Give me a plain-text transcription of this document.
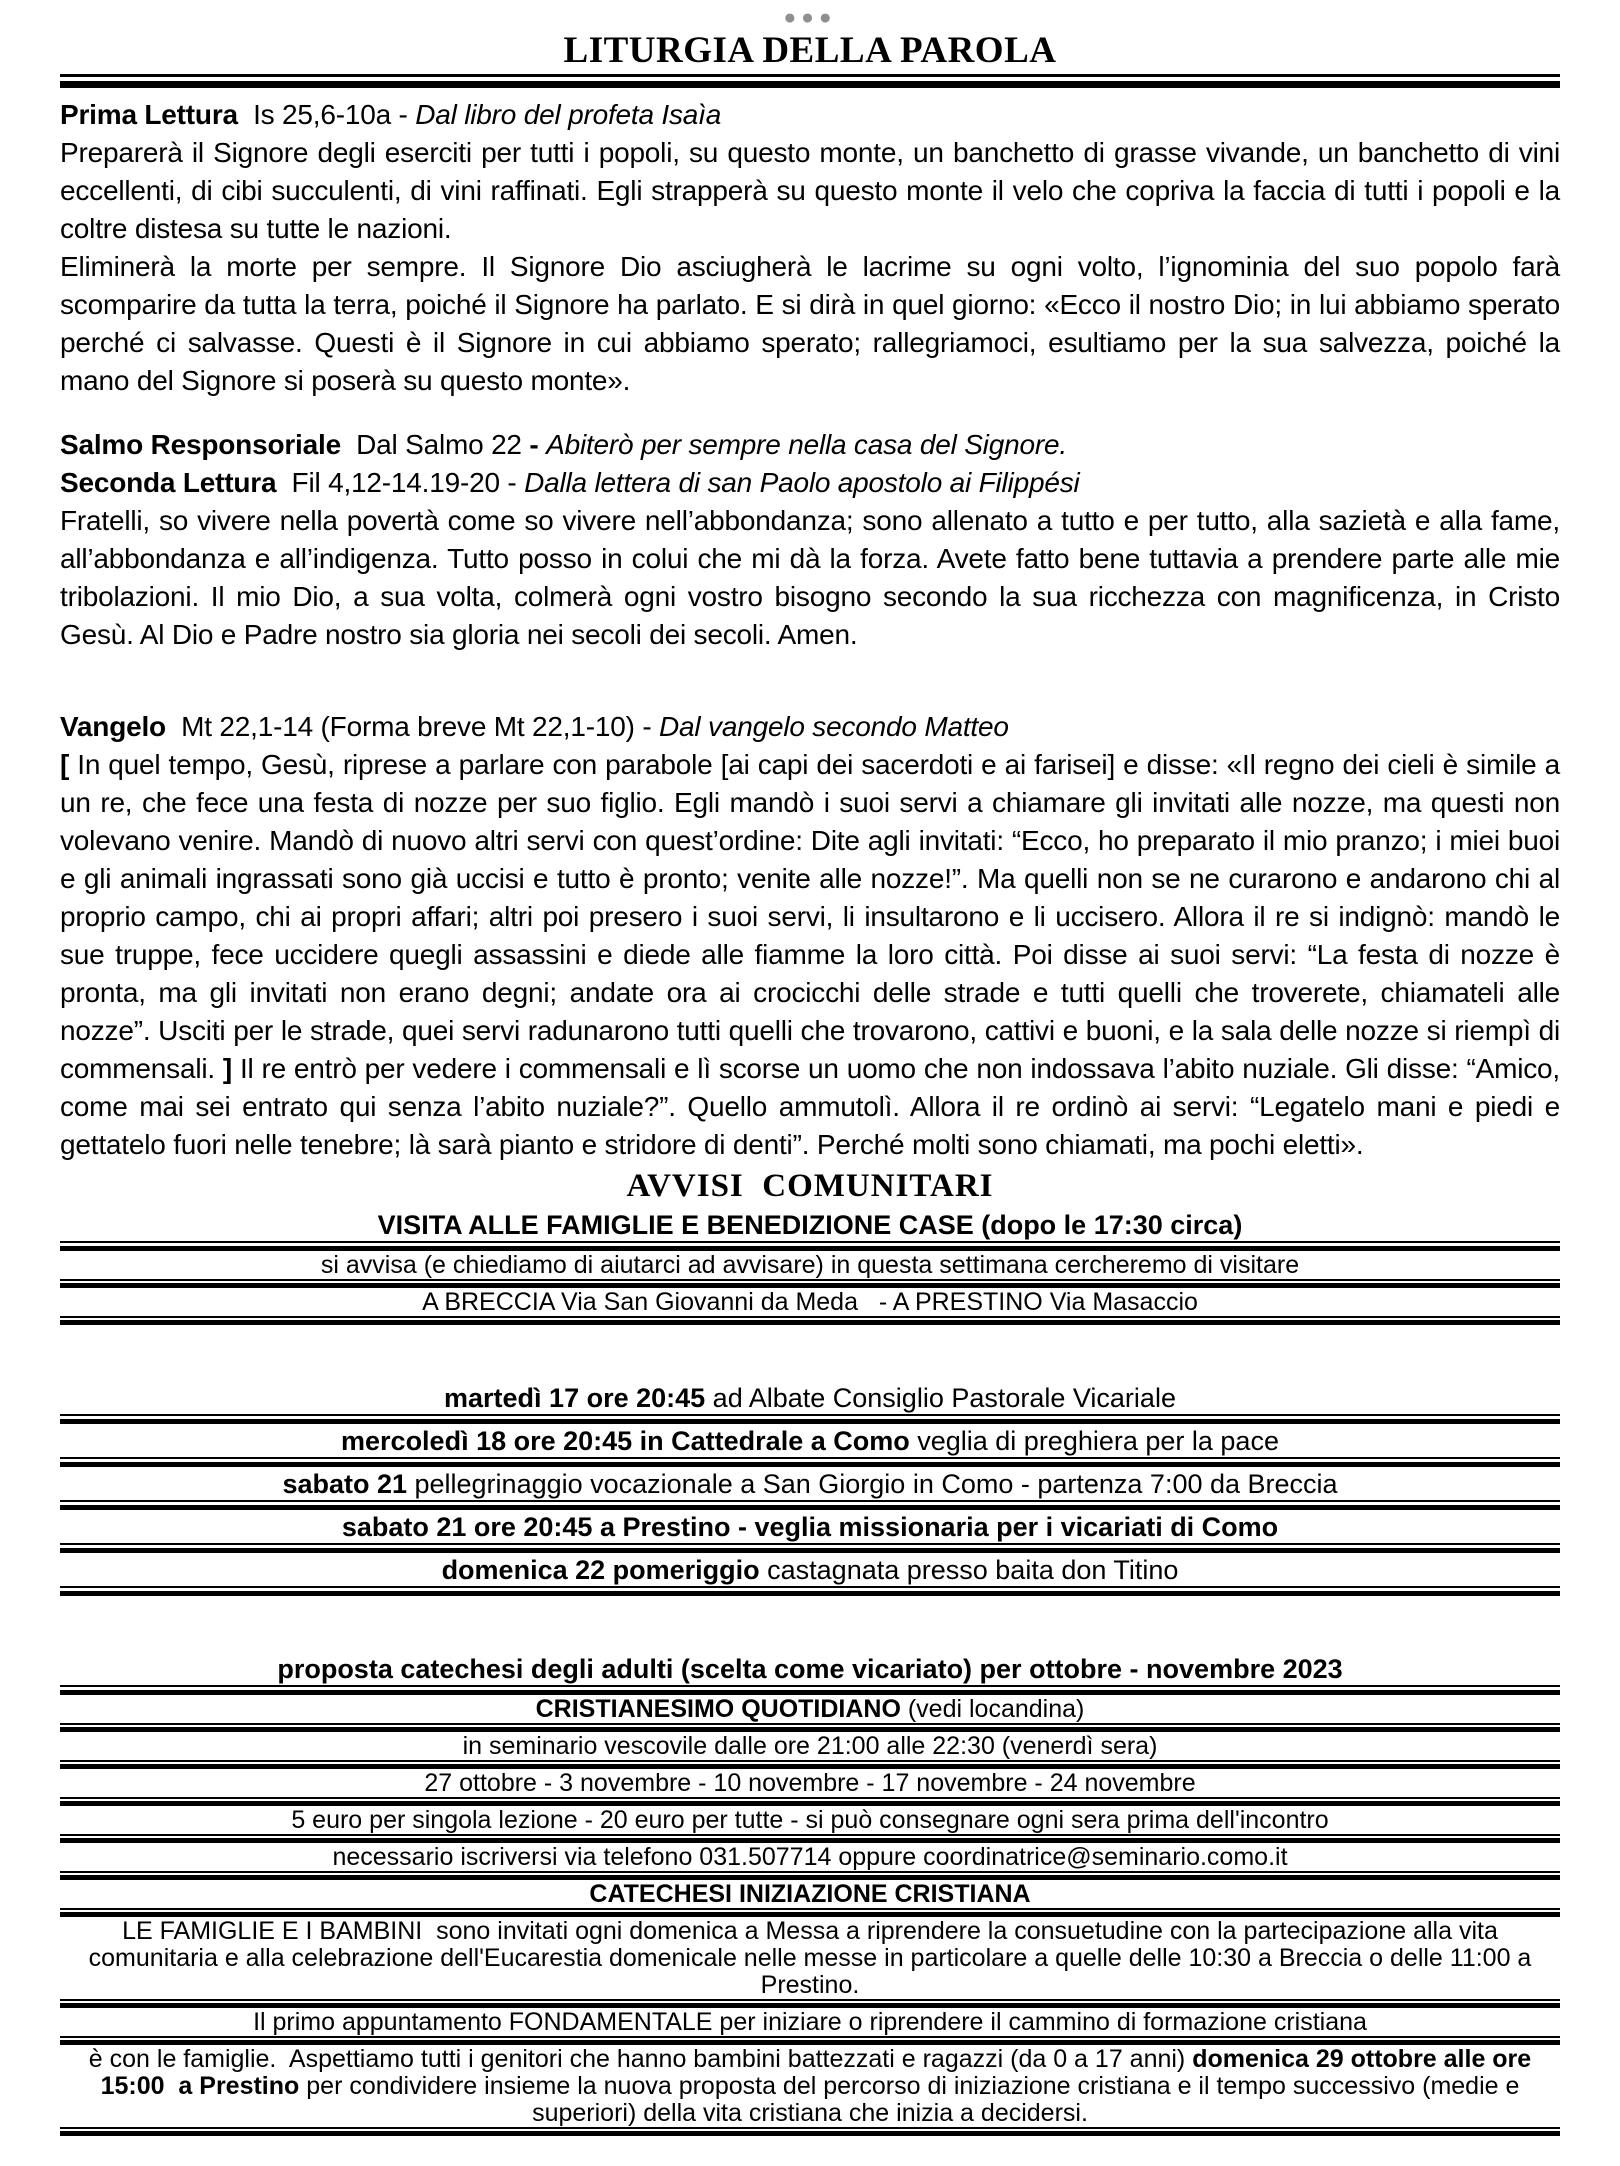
●●●
LITURGIA DELLA PAROLA
Prima Lettura  Is 25,6-10a - Dal libro del profeta Isaìa
Preparerà il Signore degli eserciti per tutti i popoli, su questo monte, un banchetto di grasse vivande, un banchetto di vini eccellenti, di cibi succulenti, di vini raffinati. Egli strapperà su questo monte il velo che copriva la faccia di tutti i popoli e la coltre distesa su tutte le nazioni.
Eliminerà la morte per sempre. Il Signore Dio asciugherà le lacrime su ogni volto, l’ignominia del suo popolo farà scomparire da tutta la terra, poiché il Signore ha parlato. E si dirà in quel giorno: «Ecco il nostro Dio; in lui abbiamo sperato perché ci salvasse. Questi è il Signore in cui abbiamo sperato; rallegriamoci, esultiamo per la sua salvezza, poiché la mano del Signore si poserà su questo monte».
Salmo Responsoriale  Dal Salmo 22 - Abiterò per sempre nella casa del Signore.
Seconda Lettura  Fil 4,12-14.19-20 - Dalla lettera di san Paolo apostolo ai Filippési
Fratelli, so vivere nella povertà come so vivere nell’abbondanza; sono allenato a tutto e per tutto, alla sazietà e alla fame, all’abbondanza e all’indigenza. Tutto posso in colui che mi dà la forza. Avete fatto bene tuttavia a prendere parte alle mie tribolazioni. Il mio Dio, a sua volta, colmerà ogni vostro bisogno secondo la sua ricchezza con magnificenza, in Cristo Gesù. Al Dio e Padre nostro sia gloria nei secoli dei secoli. Amen.
Vangelo  Mt 22,1-14 (Forma breve Mt 22,1-10) - Dal vangelo secondo Matteo
[ In quel tempo, Gesù, riprese a parlare con parabole [ai capi dei sacerdoti e ai farisei] e disse: «Il regno dei cieli è simile a un re, che fece una festa di nozze per suo figlio. Egli mandò i suoi servi a chiamare gli invitati alle nozze, ma questi non volevano venire. Mandò di nuovo altri servi con quest’ordine: Dite agli invitati: “Ecco, ho preparato il mio pranzo; i miei buoi e gli animali ingrassati sono già uccisi e tutto è pronto; venite alle nozze!”. Ma quelli non se ne curarono e andarono chi al proprio campo, chi ai propri affari; altri poi presero i suoi servi, li insultarono e li uccisero. Allora il re si indignò: mandò le sue truppe, fece uccidere quegli assassini e diede alle fiamme la loro città. Poi disse ai suoi servi: “La festa di nozze è pronta, ma gli invitati non erano degni; andate ora ai crocicchi delle strade e tutti quelli che troverete, chiamateli alle nozze”. Usciti per le strade, quei servi radunarono tutti quelli che trovarono, cattivi e buoni, e la sala delle nozze si riempì di commensali. ] Il re entrò per vedere i commensali e lì scorse un uomo che non indossava l’abito nuziale. Gli disse: “Amico, come mai sei entrato qui senza l’abito nuziale?”. Quello ammutolì. Allora il re ordinò ai servi: “Legatelo mani e piedi e gettatelo fuori nelle tenebre; là sarà pianto e stridore di denti”. Perché molti sono chiamati, ma pochi eletti».
AVVISI  COMUNITARI
VISITA ALLE FAMIGLIE E BENEDIZIONE CASE (dopo le 17:30 circa)
si avvisa (e chiediamo di aiutarci ad avvisare) in questa settimana cercheremo di visitare
A BRECCIA Via San Giovanni da Meda   - A PRESTINO Via Masaccio
martedì 17 ore 20:45 ad Albate Consiglio Pastorale Vicariale
mercoledì 18 ore 20:45 in Cattedrale a Como veglia di preghiera per la pace
sabato 21 pellegrinaggio vocazionale a San Giorgio in Como - partenza 7:00 da Breccia
sabato 21 ore 20:45 a Prestino - veglia missionaria per i vicariati di Como
domenica 22 pomeriggio castagnata presso baita don Titino
proposta catechesi degli adulti (scelta come vicariato) per ottobre - novembre 2023
CRISTIANESIMO QUOTIDIANO (vedi locandina)
in seminario vescovile dalle ore 21:00 alle 22:30 (venerdì sera)
27 ottobre - 3 novembre - 10 novembre - 17 novembre - 24 novembre
5 euro per singola lezione - 20 euro per tutte - si può consegnare ogni sera prima dell'incontro
necessario iscriversi via telefono 031.507714 oppure coordinatrice@seminario.como.it
CATECHESI INIZIAZIONE CRISTIANA
LE FAMIGLIE E I BAMBINI  sono invitati ogni domenica a Messa a riprendere la consuetudine con la partecipazione alla vita comunitaria e alla celebrazione dell'Eucarestia domenicale nelle messe in particolare a quelle delle 10:30 a Breccia o delle 11:00 a Prestino.
Il primo appuntamento FONDAMENTALE per iniziare o riprendere il cammino di formazione cristiana
è con le famiglie.  Aspettiamo tutti i genitori che hanno bambini battezzati e ragazzi (da 0 a 17 anni) domenica 29 ottobre alle ore 15:00  a Prestino per condividere insieme la nuova proposta del percorso di iniziazione cristiana e il tempo successivo (medie e superiori) della vita cristiana che inizia a decidersi.
